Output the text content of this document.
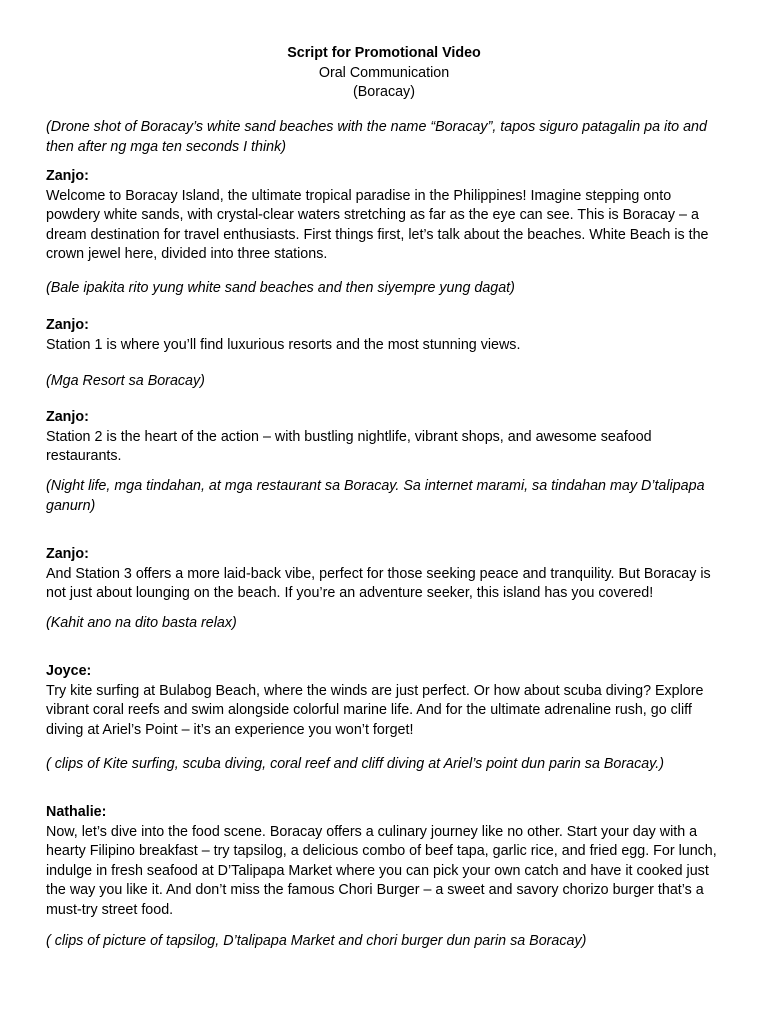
Script for Promotional Video

Oral Communication

(Boracay)

(Drone shot of Boracay’s white sand beaches with the name “Boracay”, tapos siguro patagalin pa ito and then after ng mga ten seconds I think)

Zanjo:

Welcome to Boracay Island, the ultimate tropical paradise in the Philippines! Imagine stepping onto powdery white sands, with crystal-clear waters stretching as far as the eye can see. This is Boracay – a dream destination for travel enthusiasts. First things first, let’s talk about the beaches. White Beach is the crown jewel here, divided into three stations.

(Bale ipakita rito yung white sand beaches and then siyempre yung dagat)

Zanjo:

Station 1 is where you’ll find luxurious resorts and the most stunning views.

(Mga Resort sa Boracay)

Zanjo:

Station 2 is the heart of the action – with bustling nightlife, vibrant shops, and awesome seafood restaurants.

(Night life, mga tindahan, at mga restaurant sa Boracay. Sa internet marami, sa tindahan may D’talipapa ganurn)

Zanjo:

And Station 3 offers a more laid-back vibe, perfect for those seeking peace and tranquility. But Boracay is not just about lounging on the beach. If you’re an adventure seeker, this island has you covered!

(Kahit ano na dito basta relax)

Joyce:

Try kite surfing at Bulabog Beach, where the winds are just perfect. Or how about scuba diving? Explore vibrant coral reefs and swim alongside colorful marine life. And for the ultimate adrenaline rush, go cliff diving at Ariel’s Point – it’s an experience you won’t forget!

( clips of Kite surfing, scuba diving, coral reef and cliff diving at Ariel’s point dun parin sa Boracay.)

Nathalie:

Now, let’s dive into the food scene. Boracay offers a culinary journey like no other. Start your day with a hearty Filipino breakfast – try tapsilog, a delicious combo of beef tapa, garlic rice, and fried egg. For lunch, indulge in fresh seafood at D’Talipapa Market where you can pick your own catch and have it cooked just the way you like it. And don’t miss the famous Chori Burger – a sweet and savory chorizo burger that’s a must-try street food.

( clips of picture of tapsilog, D’talipapa Market and chori burger dun parin sa Boracay)
